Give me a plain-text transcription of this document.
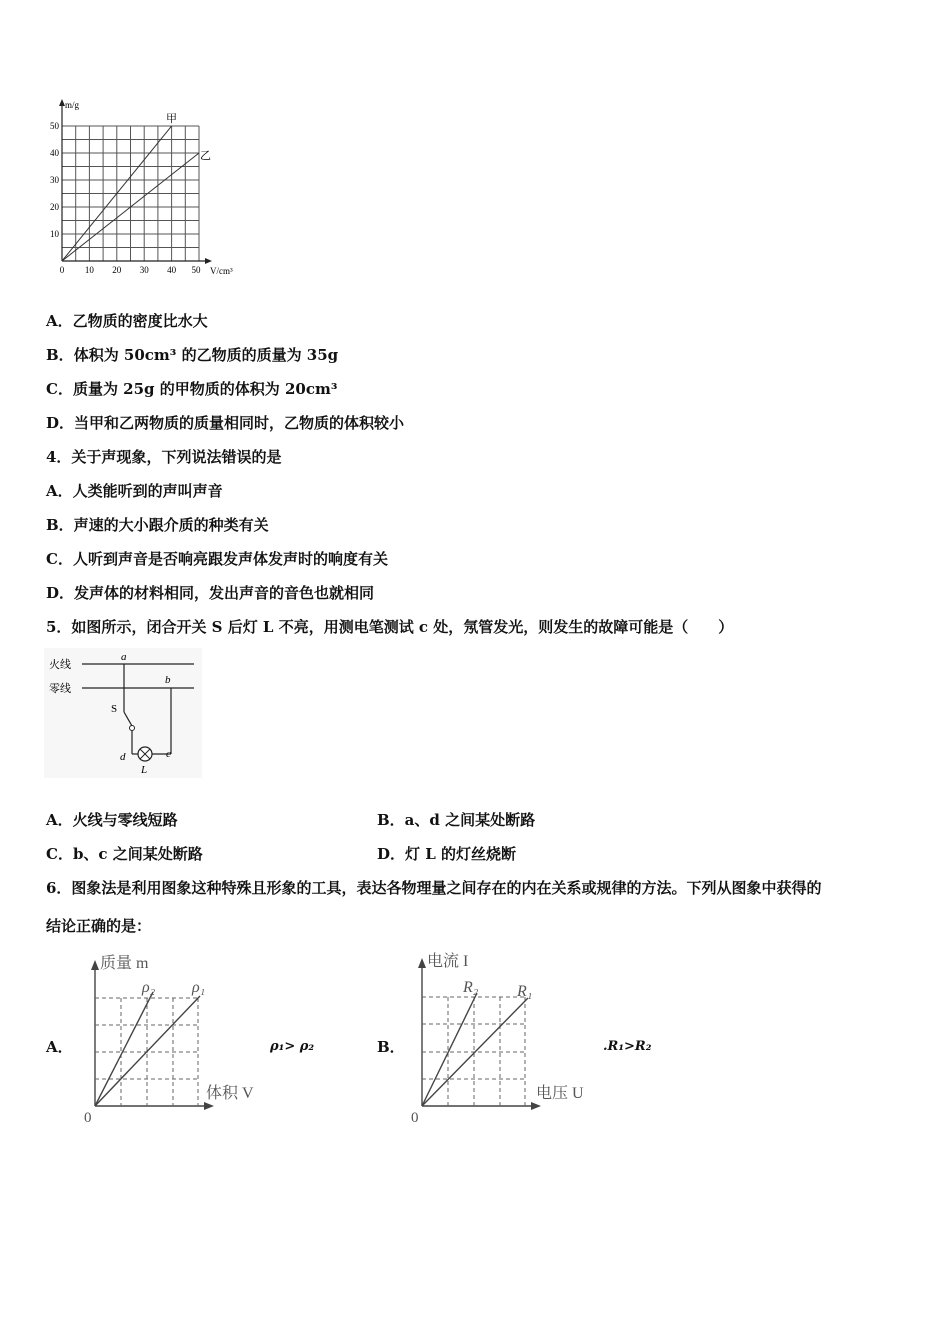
m/g
50
40
30
20
10
0 10 20 30 40 50 V/cm³
甲
乙
A．乙物质的密度比水大
B．体积为 50cm³ 的乙物质的质量为 35g
C．质量为 25g 的甲物质的体积为 20cm³
D．当甲和乙两物质的质量相同时，乙物质的体积较小
4．关于声现象，下列说法错误的是
A．人类能听到的声叫声音
B．声速的大小跟介质的种类有关
C．人听到声音是否响亮跟发声体发声时的响度有关
D．发声体的材料相同，发出声音的音色也就相同
5．如图所示，闭合开关 S 后灯 L 不亮，用测电笔测试 c 处，氖管发光，则发生的故障可能是（　　）
火线
零线
a
b
S
d	c
L
A．火线与零线短路	B．a、d 之间某处断路
C．b、c 之间某处断路	D．灯 L 的灯丝烧断
6．图象法是利用图象这种特殊且形象的工具，表达各物理量之间存在的内在关系或规律的方法。下列从图象中获得的
结论正确的是：
A．
质量 m
体积 V
0
ρ₂ ρ₁
ρ₁> ρ₂	B．
电流 I
电压 U
0
R₂ R₁
.R₁>R₂
